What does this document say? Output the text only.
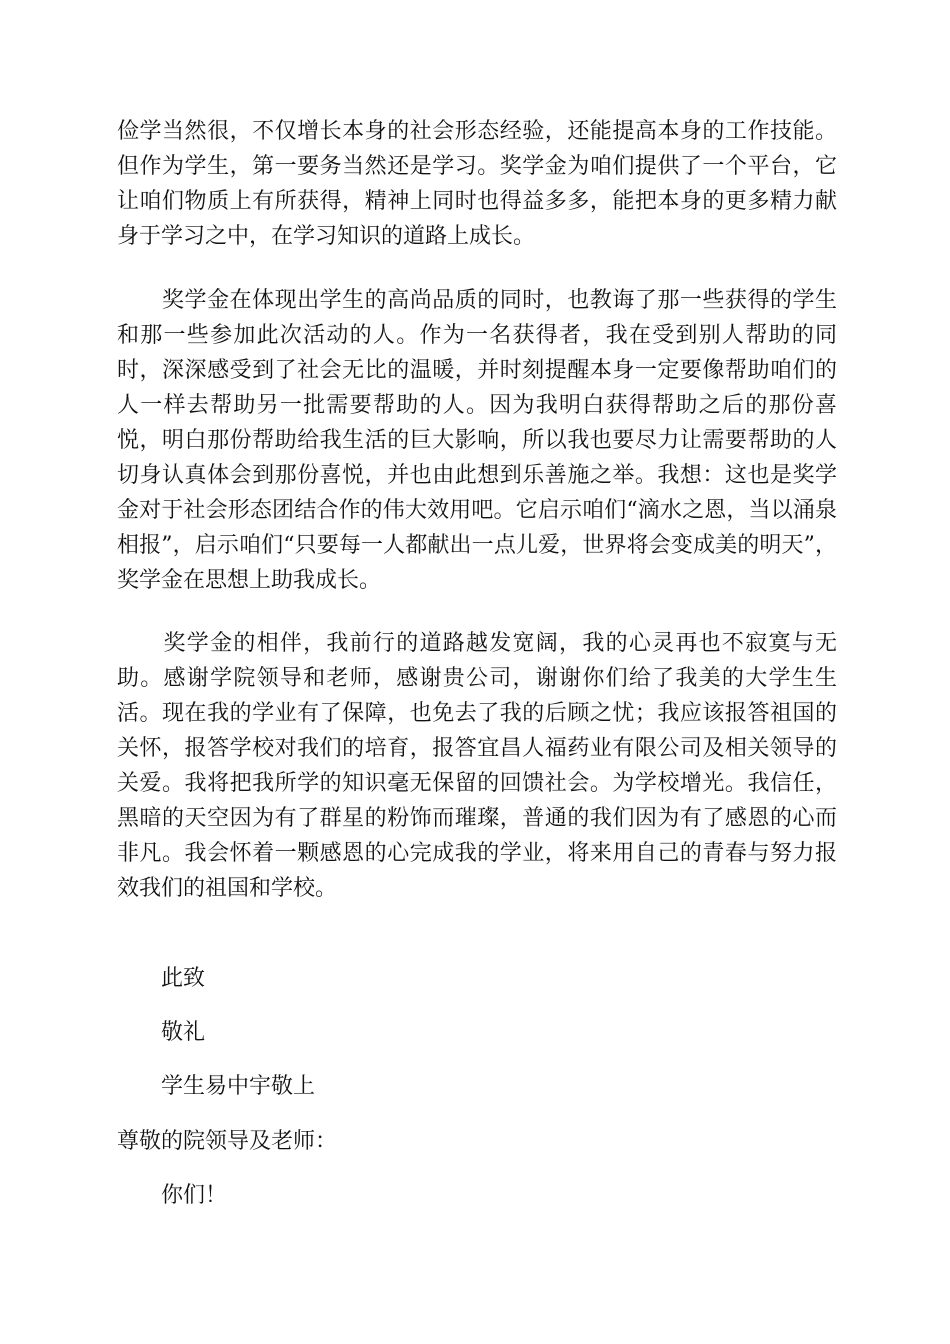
俭学当然很，不仅增长本身的社会形态经验，还能提高本身的工作技能。但作为学生，第一要务当然还是学习。奖学金为咱们提供了一个平台，它让咱们物质上有所获得，精神上同时也得益多多，能把本身的更多精力献身于学习之中，在学习知识的道路上成长。

　　奖学金在体现出学生的高尚品质的同时，也教诲了那一些获得的学生和那一些参加此次活动的人。作为一名获得者，我在受到别人帮助的同时，深深感受到了社会无比的温暖，并时刻提醒本身一定要像帮助咱们的人一样去帮助另一批需要帮助的人。因为我明白获得帮助之后的那份喜悦，明白那份帮助给我生活的巨大影响，所以我也要尽力让需要帮助的人切身认真体会到那份喜悦，并也由此想到乐善施之举。我想：这也是奖学金对于社会形态团结合作的伟大效用吧。它启示咱们“滴水之恩，当以涌泉相报”，启示咱们“只要每一人都献出一点儿爱，世界将会变成美的明天”，奖学金在思想上助我成长。

　　奖学金的相伴，我前行的道路越发宽阔，我的心灵再也不寂寞与无助。感谢学院领导和老师，感谢贵公司，谢谢你们给了我美的大学生生活。现在我的学业有了保障，也免去了我的后顾之忧；我应该报答祖国的关怀，报答学校对我们的培育，报答宜昌人福药业有限公司及相关领导的关爱。我将把我所学的知识毫无保留的回馈社会。为学校增光。我信任，黑暗的天空因为有了群星的粉饰而璀璨，普通的我们因为有了感恩的心而非凡。我会怀着一颗感恩的心完成我的学业，将来用自己的青春与努力报效我们的祖国和学校。

此致

敬礼

学生易中宇敬上

尊敬的院领导及老师：

你们！
